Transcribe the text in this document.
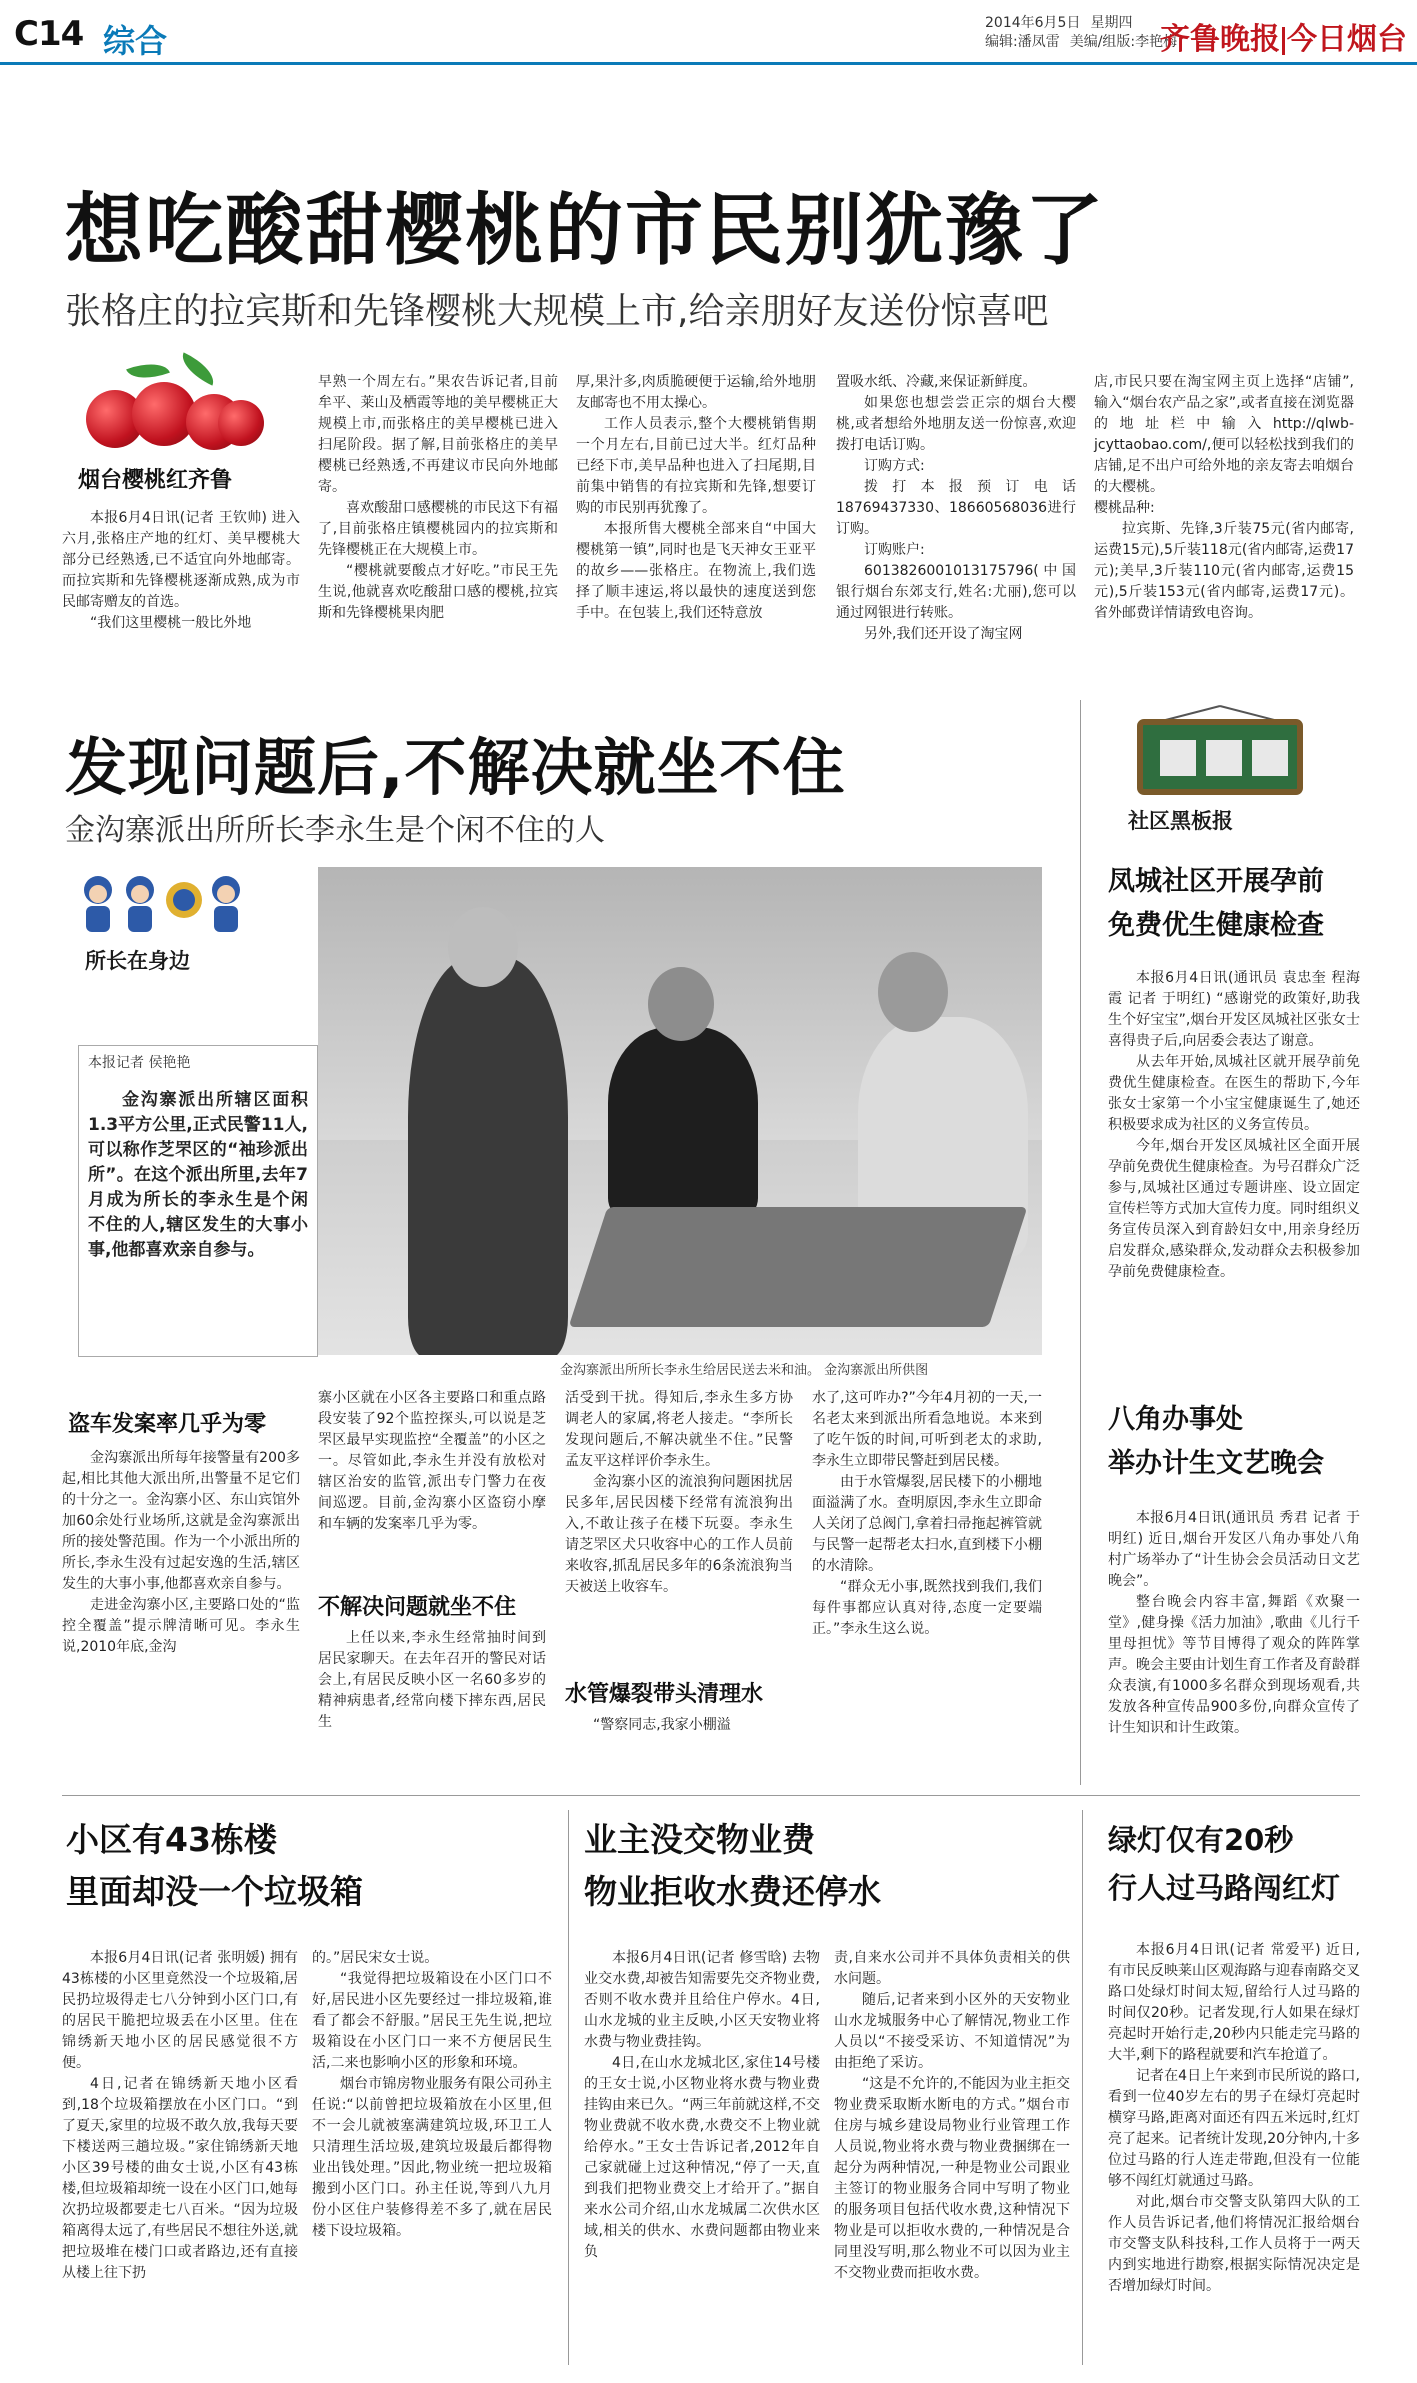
C14 综合	2014年6月5日 星期四
编辑:潘凤雷 美编/组版:李艳梅
齐鲁晚报 今日烟台
想吃酸甜樱桃的市民别犹豫了
张格庄的拉宾斯和先锋樱桃大规模上市,给亲朋好友送份惊喜吧
烟台樱桃红齐鲁

本报6月4日讯(记者 王钦帅) 进入六月,张格庄产地的红灯、美早樱桃大部分已经熟透,已不适宜向外地邮寄。而拉宾斯和先锋樱桃逐渐成熟,成为市民邮寄赠友的首选。

“我们这里樱桃一般比外地

早熟一个周左右。”果农告诉记者,目前牟平、莱山及栖霞等地的美早樱桃正大规模上市,而张格庄的美早樱桃已进入扫尾阶段。据了解,目前张格庄的美早樱桃已经熟透,不再建议市民向外地邮寄。

喜欢酸甜口感樱桃的市民这下有福了,目前张格庄镇樱桃园内的拉宾斯和先锋樱桃正在大规模上市。

“樱桃就要酸点才好吃。”市民王先生说,他就喜欢吃酸甜口感的樱桃,拉宾斯和先锋樱桃果肉肥

厚,果汁多,肉质脆硬便于运输,给外地朋友邮寄也不用太操心。

工作人员表示,整个大樱桃销售期一个月左右,目前已过大半。红灯品种已经下市,美早品种也进入了扫尾期,目前集中销售的有拉宾斯和先锋,想要订购的市民别再犹豫了。

本报所售大樱桃全部来自“中国大樱桃第一镇”,同时也是飞天神女王亚平的故乡——张格庄。在物流上,我们选择了顺丰速运,将以最快的速度送到您手中。在包装上,我们还特意放

置吸水纸、冷藏,来保证新鲜度。

如果您也想尝尝正宗的烟台大樱桃,或者想给外地朋友送一份惊喜,欢迎拨打电话订购。

订购方式:

拨打本报预订电话18769437330、18660568036进行订购。

订购账户:

6013826001013175796(中国银行烟台东郊支行,姓名:尤丽),您可以通过网银进行转账。

另外,我们还开设了淘宝网

店,市民只要在淘宝网主页上选择“店铺”,输入“烟台农产品之家”,或者直接在浏览器的地址栏中输入http://qlwb-jcyttaobao.com/,便可以轻松找到我们的店铺,足不出户可给外地的亲友寄去咱烟台的大樱桃。

樱桃品种:

拉宾斯、先锋,3斤装75元(省内邮寄,运费15元),5斤装118元(省内邮寄,运费17元);美早,3斤装110元(省内邮寄,运费15元),5斤装153元(省内邮寄,运费17元)。省外邮费详情请致电咨询。

发现问题后,不解决就坐不住
金沟寨派出所所长李永生是个闲不住的人
所长在身边
本报记者 侯艳艳

金沟寨派出所辖区面积1.3平方公里,正式民警11人,可以称作芝罘区的“袖珍派出所”。在这个派出所里,去年7月成为所长的李永生是个闲不住的人,辖区发生的大事小事,他都喜欢亲自参与。

金沟寨派出所所长李永生给居民送去米和油。 金沟寨派出所供图
盗车发案率几乎为零

金沟寨派出所每年接警量有200多起,相比其他大派出所,出警量不足它们的十分之一。金沟寨小区、东山宾馆外加60余处行业场所,这就是金沟寨派出所的接处警范围。作为一个小派出所的所长,李永生没有过起安逸的生活,辖区发生的大事小事,他都喜欢亲自参与。

走进金沟寨小区,主要路口处的“监控全覆盖”提示牌清晰可见。李永生说,2010年底,金沟

寨小区就在小区各主要路口和重点路段安装了92个监控探头,可以说是芝罘区最早实现监控“全覆盖”的小区之一。尽管如此,李永生并没有放松对辖区治安的监管,派出专门警力在夜间巡逻。目前,金沟寨小区盗窃小摩和车辆的发案率几乎为零。

不解决问题就坐不住

上任以来,李永生经常抽时间到居民家聊天。在去年召开的警民对话会上,有居民反映小区一名60多岁的精神病患者,经常向楼下摔东西,居民生

活受到干扰。得知后,李永生多方协调老人的家属,将老人接走。“李所长发现问题后,不解决就坐不住。”民警孟友平这样评价李永生。

金沟寨小区的流浪狗问题困扰居民多年,居民因楼下经常有流浪狗出入,不敢让孩子在楼下玩耍。李永生请芝罘区犬只收容中心的工作人员前来收容,抓乱居民多年的6条流浪狗当天被送上收容车。

水管爆裂带头清理水

“警察同志,我家小棚溢

水了,这可咋办?”今年4月初的一天,一名老太来到派出所看急地说。本来到了吃午饭的时间,可听到老太的求助,李永生立即带民警赶到居民楼。

由于水管爆裂,居民楼下的小棚地面溢满了水。查明原因,李永生立即命人关闭了总阀门,拿着扫帚拖起裤管就与民警一起帮老太扫水,直到楼下小棚的水清除。

“群众无小事,既然找到我们,我们每件事都应认真对待,态度一定要端正。”李永生这么说。

社区黑板报
凤城社区开展孕前
免费优生健康检查

本报6月4日讯(通讯员 袁忠奎 程海霞 记者 于明红) “感谢党的政策好,助我生个好宝宝”,烟台开发区凤城社区张女士喜得贵子后,向居委会表达了谢意。

从去年开始,凤城社区就开展孕前免费优生健康检查。在医生的帮助下,今年张女士家第一个小宝宝健康诞生了,她还积极要求成为社区的义务宣传员。

今年,烟台开发区凤城社区全面开展孕前免费优生健康检查。为号召群众广泛参与,凤城社区通过专题讲座、设立固定宣传栏等方式加大宣传力度。同时组织义务宣传员深入到育龄妇女中,用亲身经历启发群众,感染群众,发动群众去积极参加孕前免费健康检查。

八角办事处
举办计生文艺晚会

本报6月4日讯(通讯员 秀君 记者 于明红) 近日,烟台开发区八角办事处八角村广场举办了“计生协会会员活动日文艺晚会”。

整台晚会内容丰富,舞蹈《欢聚一堂》,健身操《活力加油》,歌曲《儿行千里母担忧》等节目博得了观众的阵阵掌声。晚会主要由计划生育工作者及育龄群众表演,有1000多名群众到现场观看,共发放各种宣传品900多份,向群众宣传了计生知识和计生政策。

小区有43栋楼
里面却没一个垃圾箱

本报6月4日讯(记者 张明媛) 拥有43栋楼的小区里竟然没一个垃圾箱,居民扔垃圾得走七八分钟到小区门口,有的居民干脆把垃圾丢在小区里。住在锦绣新天地小区的居民感觉很不方便。

4日,记者在锦绣新天地小区看到,18个垃圾箱摆放在小区门口。“到了夏天,家里的垃圾不敢久放,我每天要下楼送两三趟垃圾。”家住锦绣新天地小区39号楼的曲女士说,小区有43栋楼,但垃圾箱却统一设在小区门口,她每次扔垃圾都要走七八百米。“因为垃圾箱离得太远了,有些居民不想往外送,就把垃圾堆在楼门口或者路边,还有直接从楼上往下扔

的。”居民宋女士说。

“我觉得把垃圾箱设在小区门口不好,居民进小区先要经过一排垃圾箱,谁看了都会不舒服。”居民王先生说,把垃圾箱设在小区门口一来不方便居民生活,二来也影响小区的形象和环境。

烟台市锦房物业服务有限公司孙主任说:“以前曾把垃圾箱放在小区里,但不一会儿就被塞满建筑垃圾,环卫工人只清理生活垃圾,建筑垃圾最后都得物业出钱处理。”因此,物业统一把垃圾箱搬到小区门口。孙主任说,等到八九月份小区住户装修得差不多了,就在居民楼下设垃圾箱。

业主没交物业费
物业拒收水费还停水

本报6月4日讯(记者 修雪晗) 去物业交水费,却被告知需要先交齐物业费,否则不收水费并且给住户停水。4日,山水龙城的业主反映,小区天安物业将水费与物业费挂钩。

4日,在山水龙城北区,家住14号楼的王女士说,小区物业将水费与物业费挂钩由来已久。“两三年前就这样,不交物业费就不收水费,水费交不上物业就给停水。”王女士告诉记者,2012年自己家就碰上过这种情况,“停了一天,直到我们把物业费交上才给开了。”据自来水公司介绍,山水龙城属二次供水区域,相关的供水、水费问题都由物业来负

责,自来水公司并不具体负责相关的供水问题。

随后,记者来到小区外的天安物业山水龙城服务中心了解情况,物业工作人员以“不接受采访、不知道情况”为由拒绝了采访。

“这是不允许的,不能因为业主拒交物业费采取断水断电的方式。”烟台市住房与城乡建设局物业行业管理工作人员说,物业将水费与物业费捆绑在一起分为两种情况,一种是物业公司跟业主签订的物业服务合同中写明了物业的服务项目包括代收水费,这种情况下物业是可以拒收水费的,一种情况是合同里没写明,那么物业不可以因为业主不交物业费而拒收水费。

绿灯仅有20秒
行人过马路闯红灯

本报6月4日讯(记者 常爱平) 近日,有市民反映莱山区观海路与迎春南路交叉路口处绿灯时间太短,留给行人过马路的时间仅20秒。记者发现,行人如果在绿灯亮起时开始行走,20秒内只能走完马路的大半,剩下的路程就要和汽车抢道了。

记者在4日上午来到市民所说的路口,看到一位40岁左右的男子在绿灯亮起时横穿马路,距离对面还有四五米远时,红灯亮了起来。记者统计发现,20分钟内,十多位过马路的行人连走带跑,但没有一位能够不闯红灯就通过马路。

对此,烟台市交警支队第四大队的工作人员告诉记者,他们将情况汇报给烟台市交警支队科技科,工作人员将于一两天内到实地进行勘察,根据实际情况决定是否增加绿灯时间。
